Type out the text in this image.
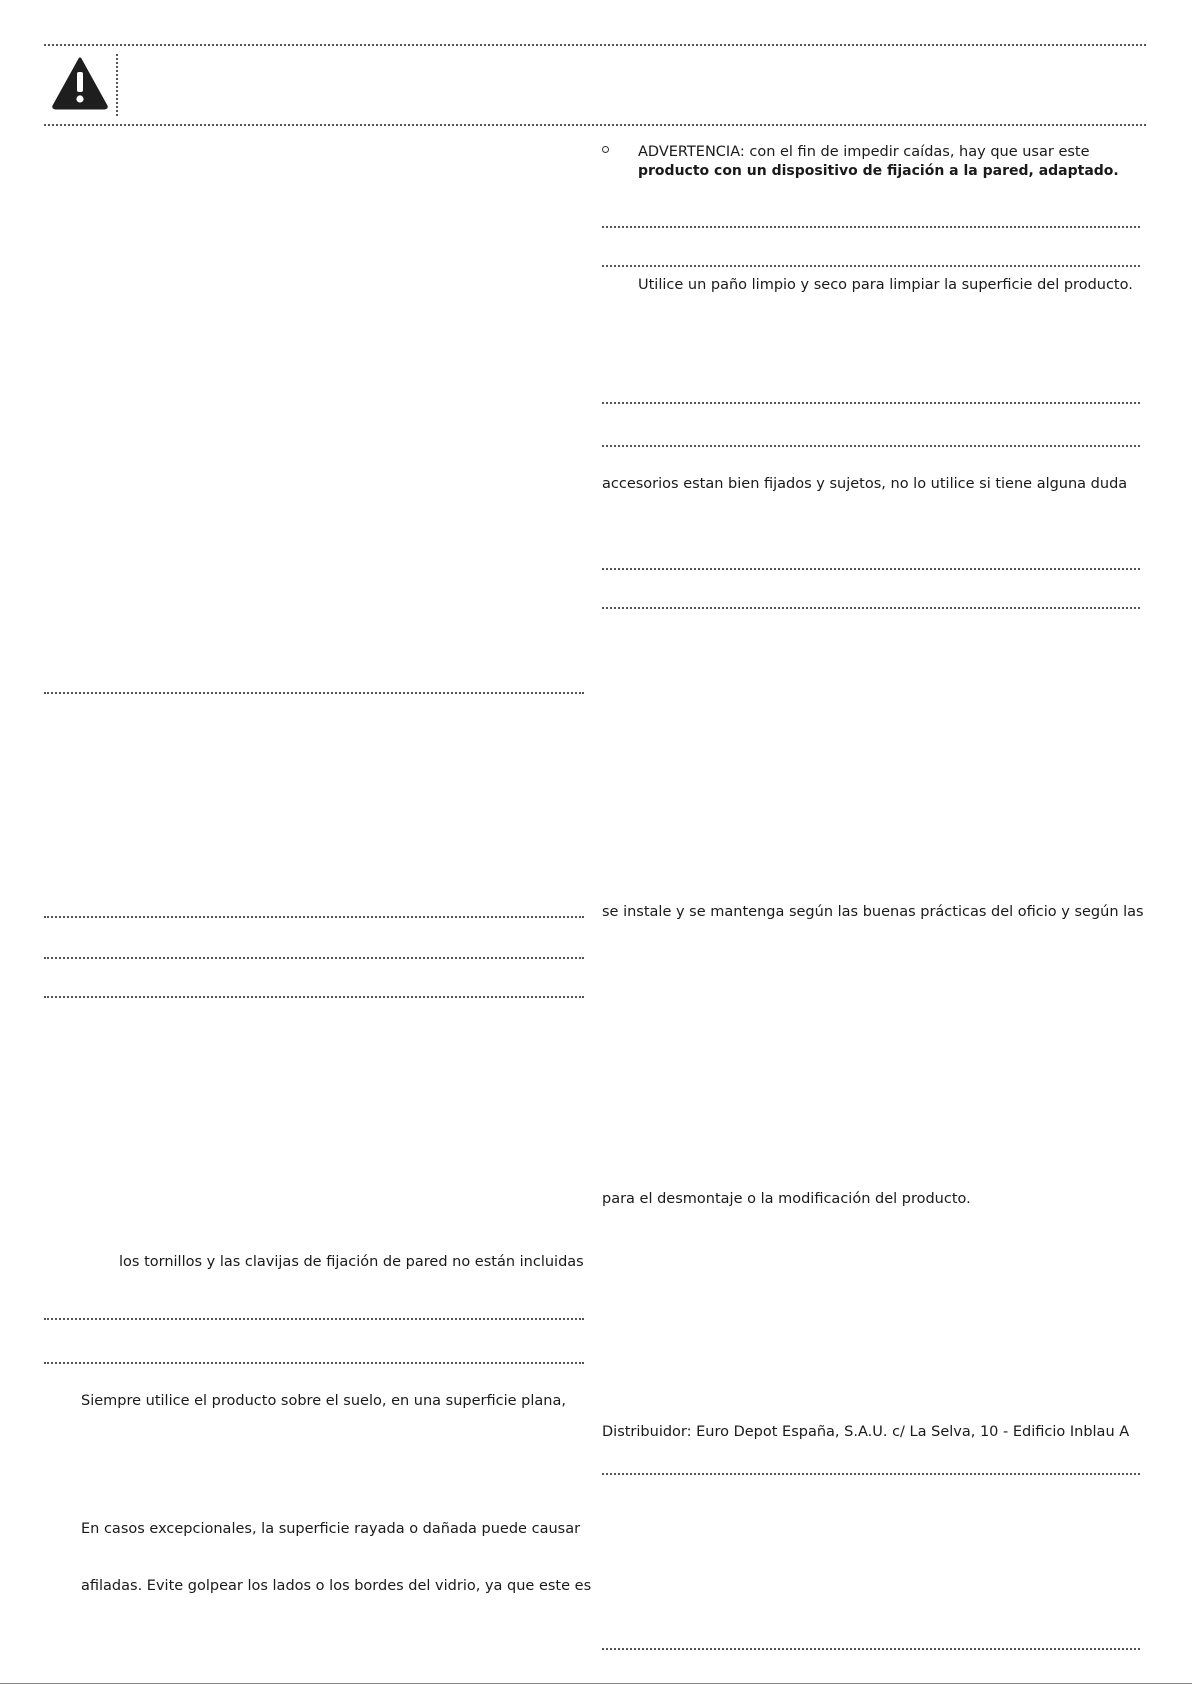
ADVERTENCIA: con el fin de impedir caídas, hay que usar este
producto con un dispositivo de fijación a la pared, adaptado.
Utilice un paño limpio y seco para limpiar la superficie del producto.
accesorios estan bien fijados y sujetos, no lo utilice si tiene alguna duda
se instale y se mantenga según las buenas prácticas del oficio y según las
para el desmontaje o la modificación del producto.
Distribuidor: Euro Depot España, S.A.U. c/ La Selva, 10 - Edificio Inblau A
los tornillos y las clavijas de fijación de pared no están incluidas
Siempre utilice el producto sobre el suelo, en una superficie plana,
En casos excepcionales, la superficie rayada o dañada puede causar
afiladas. Evite golpear los lados o los bordes del vidrio, ya que este es
